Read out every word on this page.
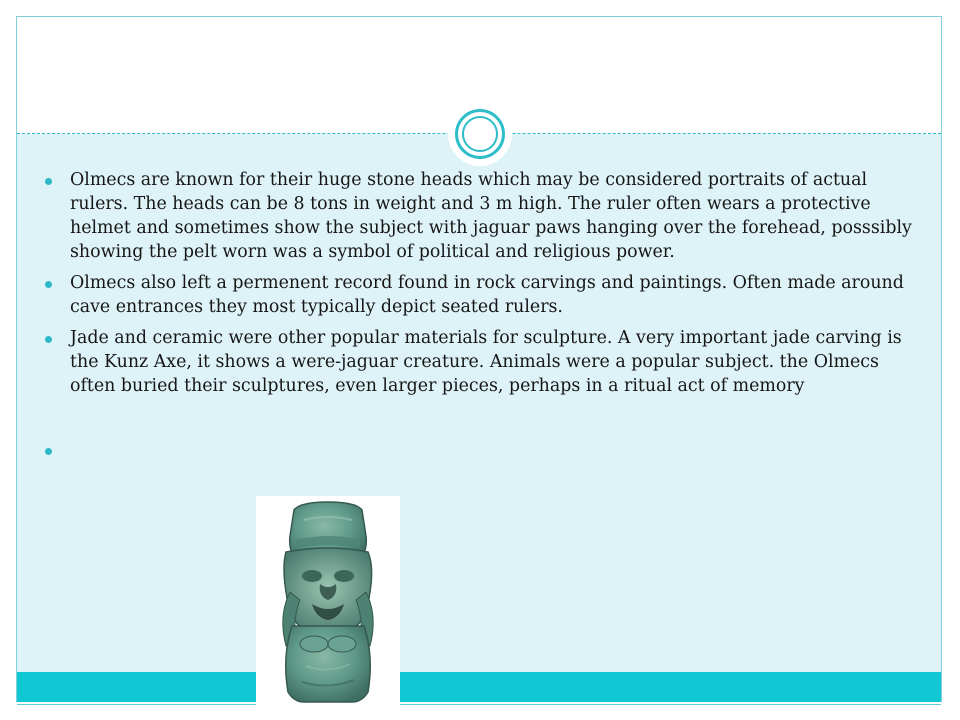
Olmecs are known for their huge stone heads which may be considered portraits of actual rulers. The heads can be 8 tons in weight and 3 m high. The ruler often wears a protective helmet and sometimes show the subject with jaguar paws hanging over the forehead, posssibly showing the pelt worn was a symbol of political and religious power.
Olmecs also left a permenent record found in rock carvings and paintings. Often made around cave entrances they most typically depict seated rulers.
Jade and ceramic were other popular materials for sculpture. A very important jade carving is the Kunz Axe, it shows a were-jaguar creature. Animals were a popular subject. the Olmecs often buried their sculptures, even larger pieces, perhaps in a ritual act of memory
